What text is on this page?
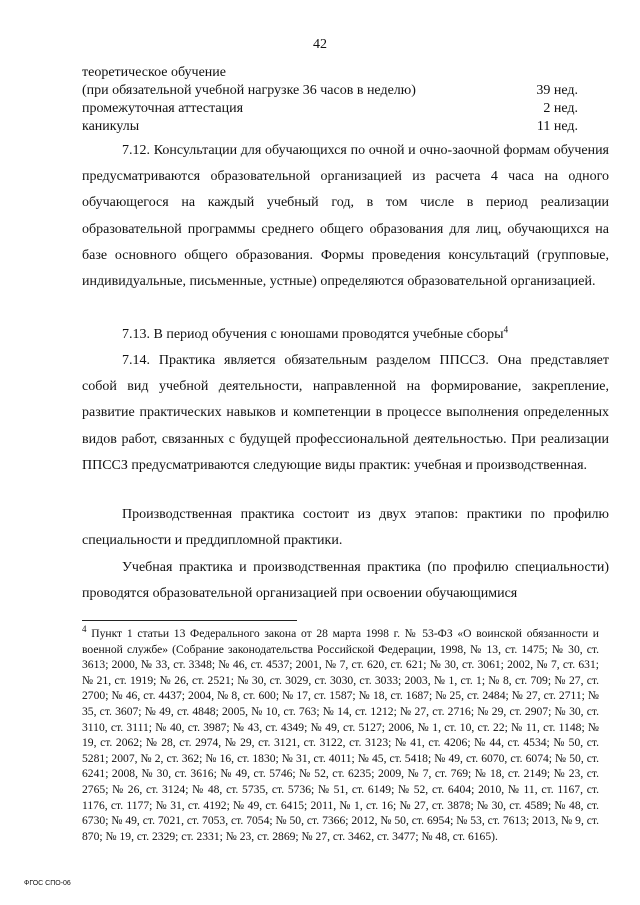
42
теоретическое обучение
(при обязательной учебной нагрузке 36 часов в неделю)	39 нед.
промежуточная аттестация	2 нед.
каникулы	11 нед.

7.12. Консультации для обучающихся по очной и очно-заочной формам обучения предусматриваются образовательной организацией из расчета 4 часа на одного обучающегося на каждый учебный год, в том числе в период реализации образовательной программы среднего общего образования для лиц, обучающихся на базе основного общего образования. Формы проведения консультаций (групповые, индивидуальные, письменные, устные) определяются образовательной организацией.

7.13. В период обучения с юношами проводятся учебные сборы$^4$

7.14. Практика является обязательным разделом ППССЗ. Она представляет собой вид учебной деятельности, направленной на формирование, закрепление, развитие практических навыков и компетенции в процессе выполнения определенных видов работ, связанных с будущей профессиональной деятельностью. При реализации ППССЗ предусматриваются следующие виды практик: учебная и производственная.

Производственная практика состоит из двух этапов: практики по профилю специальности и преддипломной практики.

Учебная практика и производственная практика (по профилю специальности) проводятся образовательной организацией при освоении обучающимися

$^4$ Пункт 1 статьи 13 Федерального закона от 28 марта 1998 г. № 53-ФЗ «О воинской обязанности и военной службе» (Собрание законодательства Российской Федерации, 1998, № 13, ст. 1475; № 30, ст. 3613; 2000, № 33, ст. 3348; № 46, ст. 4537; 2001, № 7, ст. 620, ст. 621; № 30, ст. 3061; 2002, № 7, ст. 631; № 21, ст. 1919; № 26, ст. 2521; № 30, ст. 3029, ст. 3030, ст. 3033; 2003, № 1, ст. 1; № 8, ст. 709; № 27, ст. 2700; № 46, ст. 4437; 2004, № 8, ст. 600; № 17, ст. 1587; № 18, ст. 1687; № 25, ст. 2484; № 27, ст. 2711; № 35, ст. 3607; № 49, ст. 4848; 2005, № 10, ст. 763; № 14, ст. 1212; № 27, ст. 2716; № 29, ст. 2907; № 30, ст. 3110, ст. 3111; № 40, ст. 3987; № 43, ст. 4349; № 49, ст. 5127; 2006, № 1, ст. 10, ст. 22; № 11, ст. 1148; № 19, ст. 2062; № 28, ст. 2974, № 29, ст. 3121, ст. 3122, ст. 3123; № 41, ст. 4206; № 44, ст. 4534; № 50, ст. 5281; 2007, № 2, ст. 362; № 16, ст. 1830; № 31, ст. 4011; № 45, ст. 5418; № 49, ст. 6070, ст. 6074; № 50, ст. 6241; 2008, № 30, ст. 3616; № 49, ст. 5746; № 52, ст. 6235; 2009, № 7, ст. 769; № 18, ст. 2149; № 23, ст. 2765; № 26, ст. 3124; № 48, ст. 5735, ст. 5736; № 51, ст. 6149; № 52, ст. 6404; 2010, № 11, ст. 1167, ст. 1176, ст. 1177; № 31, ст. 4192; № 49, ст. 6415; 2011, № 1, ст. 16; № 27, ст. 3878; № 30, ст. 4589; № 48, ст. 6730; № 49, ст. 7021, ст. 7053, ст. 7054; № 50, ст. 7366; 2012, № 50, ст. 6954; № 53, ст. 7613; 2013, № 9, ст. 870; № 19, ст. 2329; ст. 2331; № 23, ст. 2869; № 27, ст. 3462, ст. 3477; № 48, ст. 6165).

ФГОС СПО-06
